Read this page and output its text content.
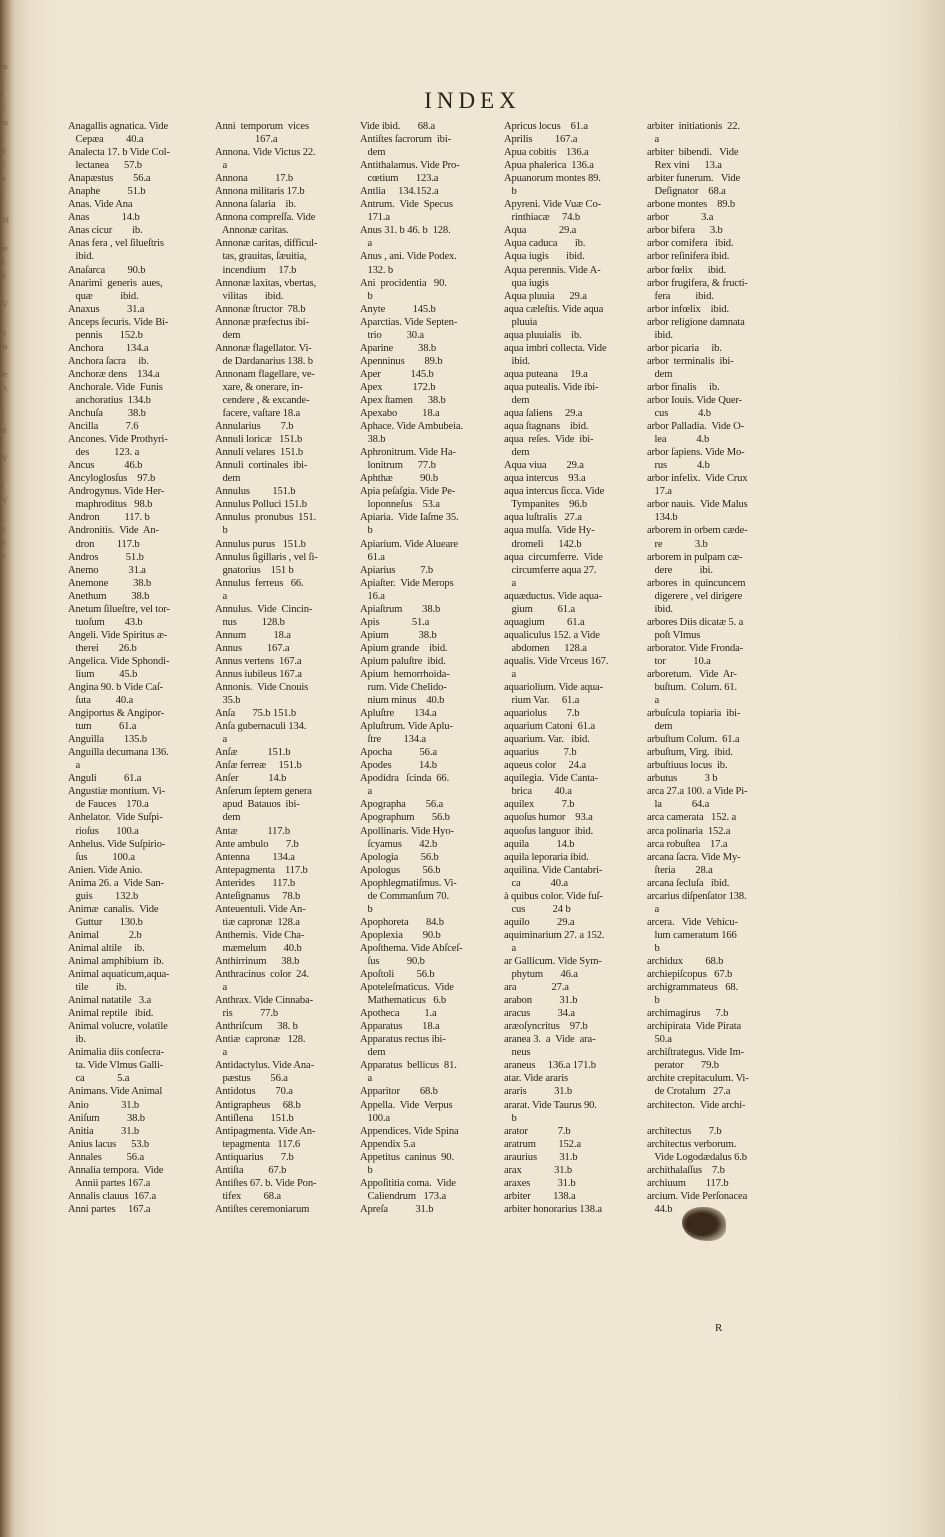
ia
(
t
f
ra
r
o
c
n
t

Vi

re
f
b

V

u
la

fe
A

l
d

V

t
V

s
n
e
INDEX
Anagallis agnatica. Vide
Cepæa         40.a
Analecta 17. b Vide Col-
lectanea      57.b
Anapæstus        56.a
Anaphe           51.b
Anas. Vide Ana
Anas             14.b
Anas cicur        ib.
Anas fera , vel ſilueſtris
ibid.
Anaſarca         90.b
Anarimi  generis  aues,
quæ           ibid.
Anaxus           31.a
Anceps ſecuris. Vide Bi-
pennis       152.b
Anchora         134.a
Anchora ſacra     ib.
Anchoræ dens    134.a
Anchorale. Vide  Funis
anchoratius  134.b
Anchuſa          38.b
Ancilla           7.6
Ancones. Vide Prothyri-
des          123. a
Ancus            46.b
Ancyloglosſus    97.b
Androgynus. Vide Her-
maphroditus   98.b
Andron          117. b
Andronitis.  Vide  An-
dron         117.b
Andros           51.b
Anemo            31.a
Anemone          38.b
Anethum          38.b
Anetum ſilueſtre, vel tor-
tuoſum        43.b
Angeli. Vide Spiritus æ-
therei        26.b
Angelica. Vide Sphondi-
lium          45.b
Angina 90. b Vide Caſ-
ſuta          40.a
Angiportus & Angipor-
tum           61.a
Anguilla        135.b
Anguilla decumana 136.
a
Anguli           61.a
Angustiæ montium. Vi-
de Fauces    170.a
Anhelator.  Vide Suſpi-
rioſus       100.a
Anhelus. Vide Suſpirio-
ſus          100.a
Anien. Vide Anio.
Anima 26. a  Vide San-
guis         132.b
Animæ  canalis.  Vide
Guttur       130.b
Animal            2.b
Animal altile     ib.
Animal amphibium  ib.
Animal aquaticum,aqua-
tile           ib.
Animal natatile   3.a
Animal reptile   ibid.
Animal volucre, volatile
ib.
Animalia diis conſecra-
ta. Vide Vlmus Galli-
ca             5.a
Animans. Vide Animal
Anio             31.b
Aniſum           38.b
Anitia           31.b
Anius lacus      53.b
Annales          56.a
Annalia tempora.  Vide
Annii partes 167.a
Annalis clauus  167.a
Anni partes     167.a
Anni  temporum  vices
167.a
Annona. Vide Victus 22.
a
Annona           17.b
Annona militaris 17.b
Annona ſalaria    ib.
Annona compreſſa. Vide
Annonæ caritas.
Annonæ caritas, difficul-
tas, grauitas, ſæuitia,
incendium     17.b
Annonæ laxitas, vbertas,
vilitas       ibid.
Annonæ ſtructor  78.b
Annonæ præfectus ibi-
dem
Annonæ flagellator. Vi-
de Dardanarius 138. b
Annonam flagellare, ve-
xare, & onerare, in-
cendere , & excande-
facere, vaſtare 18.a
Annularius        7.b
Annuli loricæ   151.b
Annuli velares  151.b
Annuli  cortinales  ibi-
dem
Annulus         151.b
Annulus Polluci 151.b
Annulus  pronubus  151.
b
Annulus purus   151.b
Annulus ſigillaris , vel ſi-
gnatorius    151 b
Annulus  ferreus   66.
a
Annulus.  Vide  Cincin-
nus          128.b
Annum           18.a
Annus          167.a
Annus vertens  167.a
Annus iubileus 167.a
Annonis.  Vide Cnouis
35.b
Anſa       75.b 151.b
Anſa gubernaculi 134.
a
Anſæ            151.b
Anſæ ferreæ     151.b
Anſer            14.b
Anſerum ſeptem genera
apud  Batauos  ibi-
dem
Antæ            117.b
Ante ambulo       7.b
Antenna         134.a
Antepagmenta    117.b
Anterides       117.b
Anteſignanus     78.b
Anteuentuli. Vide An-
tiæ capronæ  128.a
Anthemis.  Vide Cha-
mæmelum       40.b
Anthirrinum      38.b
Anthracinus  color  24.
a
Anthrax. Vide Cinnaba-
ris           77.b
Anthriſcum      38. b
Antiæ  capronæ   128.
a
Antidactylus. Vide Ana-
pæstus        56.a
Antidotus        70.a
Antigrapheus     68.b
Antiſlena       151.b
Antipagmenta. Vide An-
tepagmenta   117.6
Antiquarius       7.b
Antiſta          67.b
Antiſtes 67. b. Vide Pon-
tifex         68.a
Antiſtes ceremoniarum
Vide ibid.       68.a
Antiſtes ſacrorum  ibi-
dem
Antithalamus. Vide Pro-
cœtium       123.a
Antlia     134.152.a
Antrum.  Vide  Specus
171.a
Anus 31. b 46. b  128.
a
Anus , ani. Vide Podex.
132. b
Ani  procidentia   90.
b
Anyte           145.b
Aparctias. Vide Septen-
trio          30.a
Aparine          38.b
Apenninus        89.b
Aper            145.b
Apex            172.b
Apex ſtamen      38.b
Apexabo          18.a
Aphace. Vide Ambubeia.
38.b
Aphronitrum. Vide Ha-
lonitrum      77.b
Aphthæ           90.b
Apia peſaſgia. Vide Pe-
loponneſus    53.a
Apiaria.  Vide Iaſme 35.
b
Apiarium. Vide Alueare
61.a
Apiarius          7.b
Apiaſter.  Vide Merops
16.a
Apiaſtrum        38.b
Apis             51.a
Apium            38.b
Apium grande    ibid.
Apium paluſtre  ibid.
Apium  hemorrhoida-
rum. Vide Chelido-
nium minus    40.b
Apluſtre        134.a
Apluſtrum. Vide Aplu-
ſtre         134.a
Apocha           56.a
Apodes           14.b
Apodidra   ſcinda  66.
a
Apographa        56.a
Apographum       56.b
Apollinaris. Vide Hyo-
ſcyamus       42.b
Apologia         56.b
Apologus         56.b
Apophlegmatiſmus. Vi-
de Commanſum 70.
b
Apophoreta       84.b
Apoplexia        90.b
Apoſthema. Vide Abſceſ-
ſus           90.b
Apoſtoli         56.b
Apoteleſmaticus.  Vide
Mathematicus   6.b
Apotheca          1.a
Apparatus        18.a
Apparatus rectus ibi-
dem
Apparatus  bellicus  81.
a
Apparitor        68.b
Appella.  Vide  Verpus
100.a
Appendices. Vide Spina
Appendix 5.a
Appetitus  caninus  90.
b
Appoſititia coma.  Vide
Caliendrum   173.a
Apreſa           31.b
Apricus locus    61.a
Aprilis         167.a
Apua cobitis    136.a
Apua phalerica  136.a
Apuanorum montes 89.
b
Apyreni. Vide Vuæ Co-
rinthiacæ     74.b
Aqua             29.a
Aqua caduca       ib.
Aqua iugis       ibid.
Aqua perennis. Vide A-
qua iugis
Aqua pluuia      29.a
aqua cæleſtis. Vide aqua
pluuia
aqua pluuialis    ib.
aqua imbri collecta. Vide
ibid.
aqua puteana     19.a
aqua putealis. Vide ibi-
dem
aqua ſaliens     29.a
aqua ſtagnans    ibid.
aqua  reſes.  Vide  ibi-
dem
Aqua viua        29.a
aqua intercus    93.a
aqua intercus ſicca. Vide
Tympanites    96.b
aqua luſtralis   27.a
aqua mulſa.  Vide Hy-
dromeli      142.b
aqua  circumferre.  Vide
circumferre aqua 27.
a
aquæductus. Vide aqua-
gium          61.a
aquagium         61.a
aqualiculus 152. a Vide
abdomen      128.a
aqualis. Vide Vrceus 167.
a
aquariolium. Vide aqua-
rium Var.     61.a
aquariolus        7.b
aquarium Catoni  61.a
aquarium. Var.   ibid.
aquarius          7.b
aqueus color     24.a
aquilegia.  Vide Canta-
brica         40.a
aquilex           7.b
aquoſus humor    93.a
aquoſus languor  ibid.
aquila           14.b
aquila leporaria ibid.
aquilina. Vide Cantabri-
ca            40.a
à quibus color. Vide fuſ-
cus           24 b
aquilo           29.a
aquiminarium 27. a 152.
a
ar Gallicum. Vide Sym-
phytum       46.a
ara              27.a
arabon           31.b
aracus           34.a
aræoſyncritus    97.b
aranea 3.  a  Vide  ara-
neus
araneus     136.a 171.b
atar. Vide araris
araris           31.b
ararat. Vide Taurus 90.
b
arator            7.b
aratrum         152.a
araurius         31.b
arax             31.b
araxes           31.b
arbiter         138.a
arbiter honorarius 138.a
arbiter  initiationis  22.
a
arbiter  bibendi.   Vide
Rex vini      13.a
arbiter funerum.   Vide
Deſignator    68.a
arbone montes    89.b
arbor             3.a
arbor bifera      3.b
arbor comifera   ibid.
arbor reſinifera ibid.
arbor fœlix      ibid.
arbor frugifera, & fructi-
fera          ibid.
arbor infœlix    ibid.
arbor religione damnata
ibid.
arbor picaria     ib.
arbor  terminalis  ibi-
dem
arbor finalis     ib.
arbor Iouis. Vide Quer-
cus            4.b
arbor Palladia.  Vide O-
lea            4.b
arbor ſapiens. Vide Mo-
rus            4.b
arbor infelix.  Vide Crux
17.a
arbor nauis.  Vide Malus
134.b
arborem in orbem cæde-
re             3.b
arborem in pulpam cæ-
dere           ibi.
arbores  in  quincuncem
digerere , vel dirigere
ibid.
arbores Diis dicatæ 5. a
poſt Vlmus
arborator. Vide Fronda-
tor           10.a
arboretum.   Vide  Ar-
buſtum.  Colum. 61.
a
arbuſcula  topiaria  ibi-
dem
arbuſtum Colum.  61.a
arbuſtum, Virg.  ibid.
arbuſtiuus locus  ib.
arbutus           3 b
arca 27.a 100. a Vide Pi-
la            64.a
arca camerata   152. a
arca polinaria  152.a
arca robuſtea    17.a
arcana ſacra. Vide My-
ſteria        28.a
arcana ſecluſa   ibid.
arcarius diſpenſator 138.
a
arcera.   Vide  Vehicu-
lum cameratum 166
b
archidux         68.b
archiepiſcopus   67.b
archigrammateus   68.
b
archimagirus      7.b
archipirata  Vide Pirata
50.a
archiſtrategus. Vide Im-
perator       79.b
archite crepitaculum. Vi-
de Crotalum   27.a
architecton.  Vide archi-

architectus       7.b
architectus verborum.
Vide Logodædalus 6.b
archithalaſſus    7.b
archiuum        117.b
arcium. Vide Perſonacea
44.b
R
